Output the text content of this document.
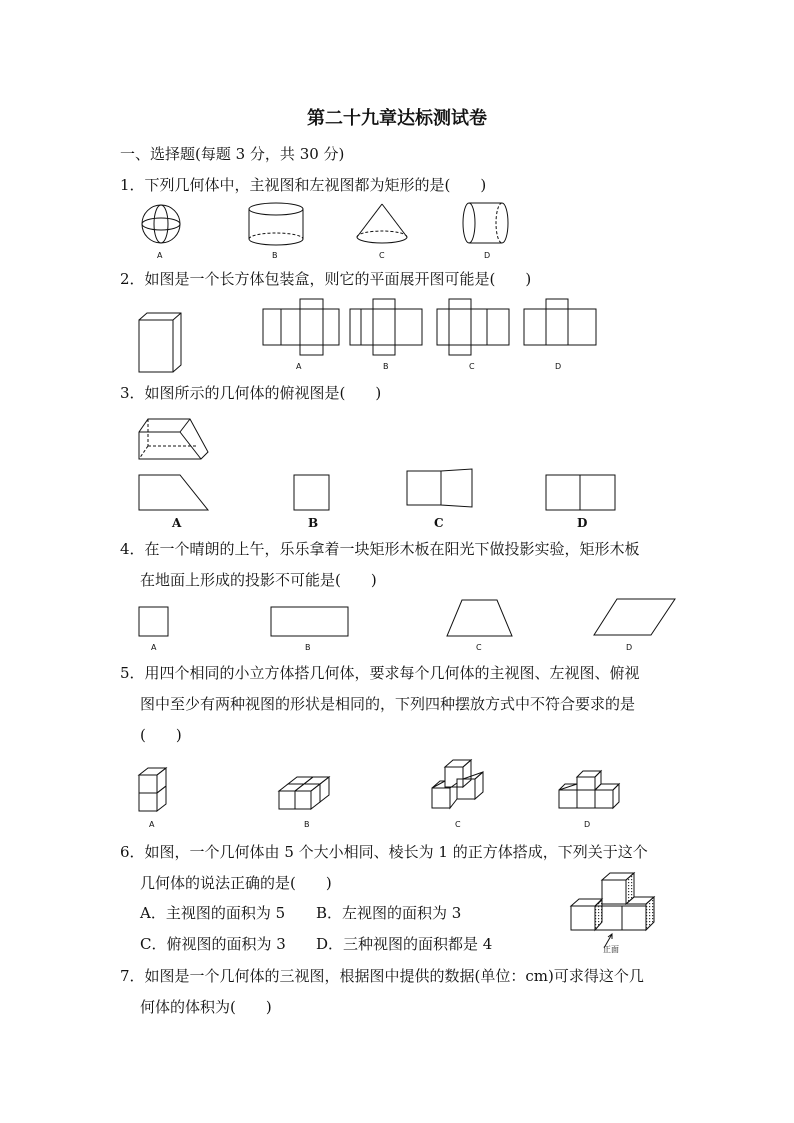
第二十九章达标测试卷
一、选择题(每题 3 分，共 30 分)
1．下列几何体中，主视图和左视图都为矩形的是(　　)
A	B	C	D
2．如图是一个长方体包装盒，则它的平面展开图可能是(　　)
A	B	C	D
3．如图所示的几何体的俯视图是(　　)
A	B	C	D
4．在一个晴朗的上午，乐乐拿着一块矩形木板在阳光下做投影实验，矩形木板
在地面上形成的投影不可能是(　　)
A	B	C	D
5．用四个相同的小立方体搭几何体，要求每个几何体的主视图、左视图、俯视
图中至少有两种视图的形状是相同的，下列四种摆放方式中不符合要求的是
(　　)
A	B	C	D
6．如图，一个几何体由 5 个大小相同、棱长为 1 的正方体搭成，下列关于这个
几何体的说法正确的是(　　)
A．主视图的面积为 5 B．左视图的面积为 3
C．俯视图的面积为 3 D．三种视图的面积都是 4	正面
7．如图是一个几何体的三视图，根据图中提供的数据(单位：cm)可求得这个几
何体的体积为(　　)
